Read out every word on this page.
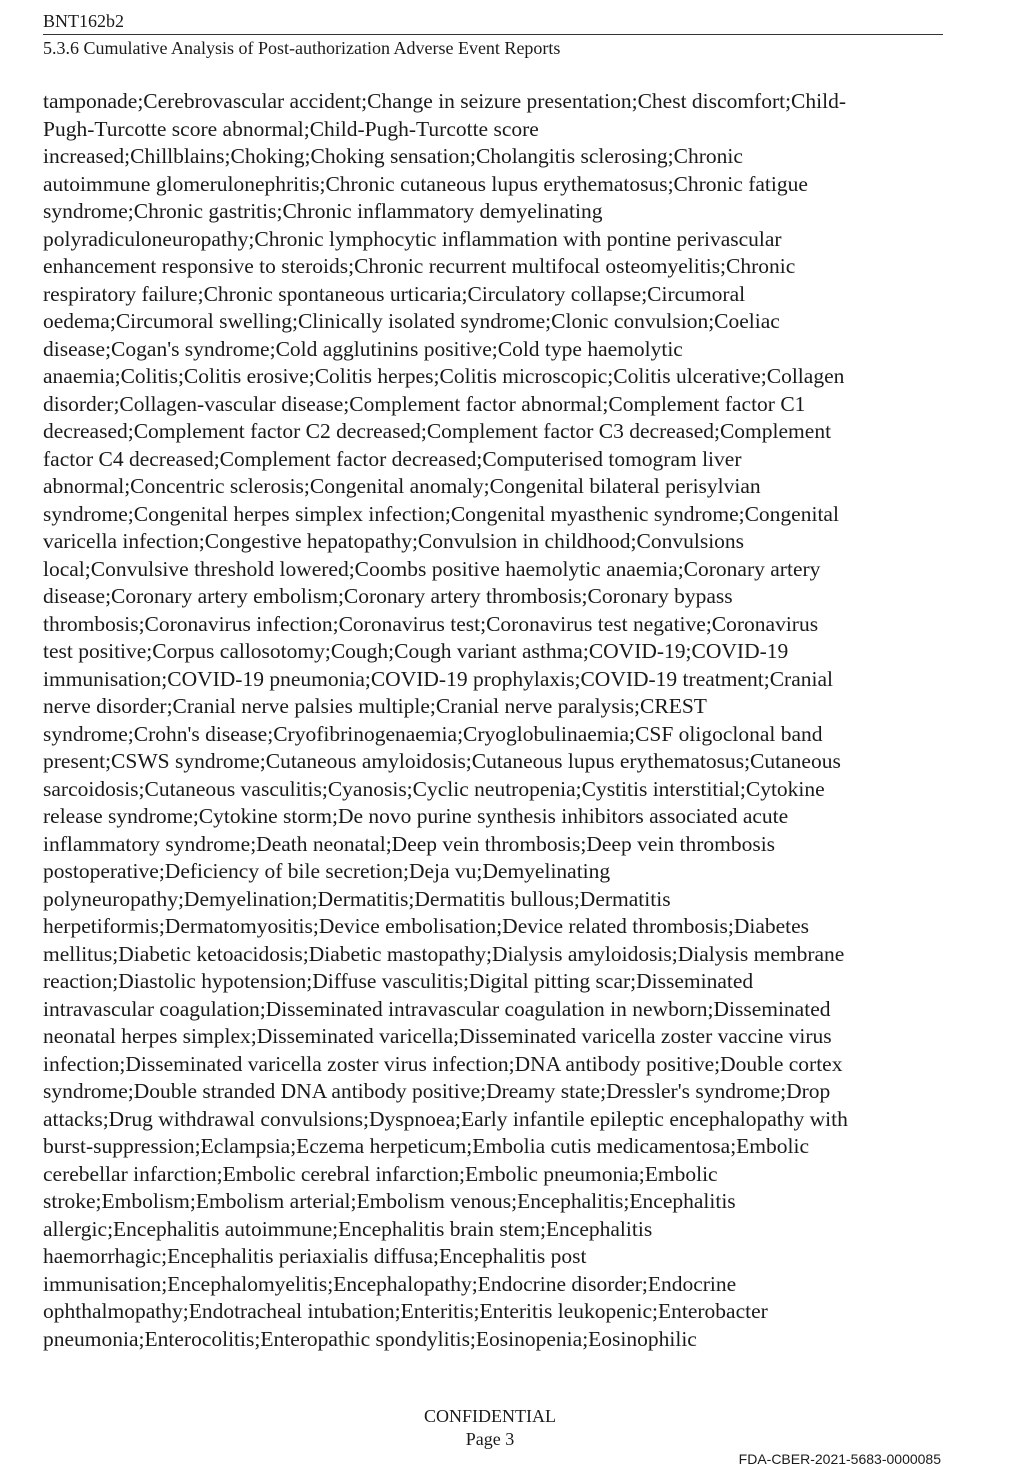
BNT162b2
5.3.6 Cumulative Analysis of Post-authorization Adverse Event Reports
tamponade;Cerebrovascular accident;Change in seizure presentation;Chest discomfort;Child-
Pugh-Turcotte score abnormal;Child-Pugh-Turcotte score
increased;Chillblains;Choking;Choking sensation;Cholangitis sclerosing;Chronic
autoimmune glomerulonephritis;Chronic cutaneous lupus erythematosus;Chronic fatigue
syndrome;Chronic gastritis;Chronic inflammatory demyelinating
polyradiculoneuropathy;Chronic lymphocytic inflammation with pontine perivascular
enhancement responsive to steroids;Chronic recurrent multifocal osteomyelitis;Chronic
respiratory failure;Chronic spontaneous urticaria;Circulatory collapse;Circumoral
oedema;Circumoral swelling;Clinically isolated syndrome;Clonic convulsion;Coeliac
disease;Cogan's syndrome;Cold agglutinins positive;Cold type haemolytic
anaemia;Colitis;Colitis erosive;Colitis herpes;Colitis microscopic;Colitis ulcerative;Collagen
disorder;Collagen-vascular disease;Complement factor abnormal;Complement factor C1
decreased;Complement factor C2 decreased;Complement factor C3 decreased;Complement
factor C4 decreased;Complement factor decreased;Computerised tomogram liver
abnormal;Concentric sclerosis;Congenital anomaly;Congenital bilateral perisylvian
syndrome;Congenital herpes simplex infection;Congenital myasthenic syndrome;Congenital
varicella infection;Congestive hepatopathy;Convulsion in childhood;Convulsions
local;Convulsive threshold lowered;Coombs positive haemolytic anaemia;Coronary artery
disease;Coronary artery embolism;Coronary artery thrombosis;Coronary bypass
thrombosis;Coronavirus infection;Coronavirus test;Coronavirus test negative;Coronavirus
test positive;Corpus callosotomy;Cough;Cough variant asthma;COVID-19;COVID-19
immunisation;COVID-19 pneumonia;COVID-19 prophylaxis;COVID-19 treatment;Cranial
nerve disorder;Cranial nerve palsies multiple;Cranial nerve paralysis;CREST
syndrome;Crohn's disease;Cryofibrinogenaemia;Cryoglobulinaemia;CSF oligoclonal band
present;CSWS syndrome;Cutaneous amyloidosis;Cutaneous lupus erythematosus;Cutaneous
sarcoidosis;Cutaneous vasculitis;Cyanosis;Cyclic neutropenia;Cystitis interstitial;Cytokine
release syndrome;Cytokine storm;De novo purine synthesis inhibitors associated acute
inflammatory syndrome;Death neonatal;Deep vein thrombosis;Deep vein thrombosis
postoperative;Deficiency of bile secretion;Deja vu;Demyelinating
polyneuropathy;Demyelination;Dermatitis;Dermatitis bullous;Dermatitis
herpetiformis;Dermatomyositis;Device embolisation;Device related thrombosis;Diabetes
mellitus;Diabetic ketoacidosis;Diabetic mastopathy;Dialysis amyloidosis;Dialysis membrane
reaction;Diastolic hypotension;Diffuse vasculitis;Digital pitting scar;Disseminated
intravascular coagulation;Disseminated intravascular coagulation in newborn;Disseminated
neonatal herpes simplex;Disseminated varicella;Disseminated varicella zoster vaccine virus
infection;Disseminated varicella zoster virus infection;DNA antibody positive;Double cortex
syndrome;Double stranded DNA antibody positive;Dreamy state;Dressler's syndrome;Drop
attacks;Drug withdrawal convulsions;Dyspnoea;Early infantile epileptic encephalopathy with
burst-suppression;Eclampsia;Eczema herpeticum;Embolia cutis medicamentosa;Embolic
cerebellar infarction;Embolic cerebral infarction;Embolic pneumonia;Embolic
stroke;Embolism;Embolism arterial;Embolism venous;Encephalitis;Encephalitis
allergic;Encephalitis autoimmune;Encephalitis brain stem;Encephalitis
haemorrhagic;Encephalitis periaxialis diffusa;Encephalitis post
immunisation;Encephalomyelitis;Encephalopathy;Endocrine disorder;Endocrine
ophthalmopathy;Endotracheal intubation;Enteritis;Enteritis leukopenic;Enterobacter
pneumonia;Enterocolitis;Enteropathic spondylitis;Eosinopenia;Eosinophilic
CONFIDENTIAL
Page 3
FDA-CBER-2021-5683-0000085
